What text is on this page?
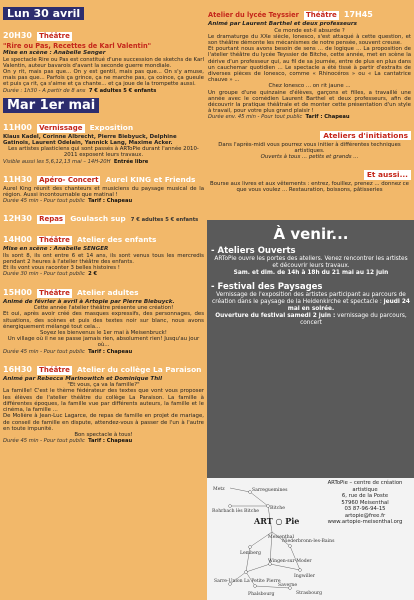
Lun 30 avril
20H30 Théâtre
"Rire ou Pas, Recettes de Karl Valentin"
Mise en scène : Anabelle Senger
Le spectacle Rire ou Pas est constitué d'une succession de sketchs de Karl Valentin, auteur bavarois d'avant la seconde guerre mondiale.
On y rit, mais pas que... On y est gentil, mais pas que... On s'y amuse, mais pas que... Parfois ça grince, ça ne marche pas, ça coince, ça gueule et puis ça rit, ça s'aime et ça chante... et ça joue de la trompette aussi.
Durée : 1h30 - A partir de 8 ans 7 € adultes 5 € enfants
Mar 1er mai
11H00 Vernissage Exposition
Klaus Kadel, Corinne Albrecht, Pierre Biebyuck, Delphine Gatinois, Laurent Odelain, Yannick Lang, Maxime Acker.
Les artistes plasticiens qui sont passés à ARToPie durant l'année 2010-2011 exposent leurs travaux.
Visible aussi les 5,6,12,13 mai – 14H-20H Entrée libre
11H30 Apéro- Concert Aurel KING et Friends
Aurel King réunit des chanteurs et musiciens du paysage musical de la région. Aussi incontournable que matinal !
Durée 45 min - Pour tout public Tarif : Chapeau
12H30 Repas Goulasch sup 7 € adultes 5 € enfants
14H00 Théâtre Atelier des enfants
Mise en scène : Anabelle SENGER
Ils sont 8, ils ont entre 6 et 14 ans, ils sont venus tous les mercredis pendant 2 heures à l'atelier théâtre des enfants.
Et ils vont vous raconter 3 belles histoires !
Durée 30 min - Pour tout public 2 €
15H00 Théâtre Atelier adultes
Animé de février à avril à Artopie par Pierre Biebuyck.
Cette année l'atelier théâtre présente une création!
Et oui, après avoir créé des masques expressifs, des personnages, des situations, des scènes et puis des textes noir sur blanc, nous avons énergiquement mélangé tout cela...
Soyez les bienvenus le 1er mai à Meisenbruck!
Un village où il ne se passe jamais rien, absolument rien! Jusqu'au jour où...
Durée 45 min - Pour tout public Tarif : Chapeau
16H30 Théâtre Atelier du collège La Paraison
Animé par Rebecca Marinowitch et Dominique Thil
"Et vous, ça va la famille?"
La famille! C'est le thème fédérateur des textes que vont vous proposer les élèves de l'atelier théâtre du collège La Paraison. La famille à différentes époques, la famille vue par différents auteurs, la famille et le cinéma, la famille ...
De Molière à Jean-Luc Lagarce, de repas de famille en projet de mariage, de conseil de famille en dispute, attendez-vous à passer de l'un à l'autre en toute impunité.
Bon spectacle à tous!
Durée 45 min - Pour tout public Tarif : Chapeau
Atelier du lycée Teyssier Théâtre 17H45
Animé par Laurent Barthel et deux professeurs
Ce monde est-il absurde ?
Le dramaturge du XXe siècle, Ionesco, s'est attaqué à cette question, et son théâtre démonte les mécanismes de notre pensée, souvent creuse.
Et pourtant nous avons besoin de sens ... de logique ... La proposition de l'atelier théâtre du lycée Teyssier de Bitche, cette année, met en scène la dérive d'un professeur qui, au fil de sa journée, entre de plus en plus dans un cauchemar quotidien ... Le spectacle a été tissé à partir d'extraits de diverses pièces de Ionesco, comme « Rhinocéros » ou « La cantatrice chauve » ...
Chez Ionesco ... on rit jaune ...
Un groupe d'une quinzaine d'élèves, garçons et filles, a travaillé une année avec le comédien Laurent Barthel et deux professeurs, afin de découvrir la pratique théâtrale et de monter cette présentation d'un style à travail, pour votre plus grand plaisir !
Durée env. 45 min - Pour tout public Tarif : Chapeau
Ateliers d'initiations
Dans l'après-midi vous pourrez vous initier à différentes techniques artistiques.
Ouverts à tous ... petits et grands ...
Et aussi...
Bourse aux livres et aux vêtements : entrez, fouillez, prenez ... donnez ce que vous voulez ... Restauration, boissons, pâtisseries
À venir...
- Ateliers Ouverts
ARToPie ouvre les portes des ateliers. Venez rencontrer les artistes et découvrir leurs travaux.
Sam. et dim. de 14h à 18h du 21 mai au 12 juin
- Festival des Paysages
Vernissage de l'exposition des artistes participant au parcours de création dans le paysage de la Heidenkirche et spectacle : jeudi 24 mai en soirée.
Ouverture du festival samedi 2 juin : vernissage du parcours, concert
ARToPie – centre de création artistique
6, rue de la Poste
57960 Meisenthal
03 87-96-94-15
artopie@free.fr
www.artopie-meisenthal.org
Metz	Sarreguemines
Rohrbach lès Bitche
Bitche
ART ○ Pie
Meisenthal
Niederbronn-les-Bains
Lemberg
Wingen-sur-Moder
Ingwiller
Sarre-Union La Petite Pierre
Strasbourg
Saverne
Phalsbourg
